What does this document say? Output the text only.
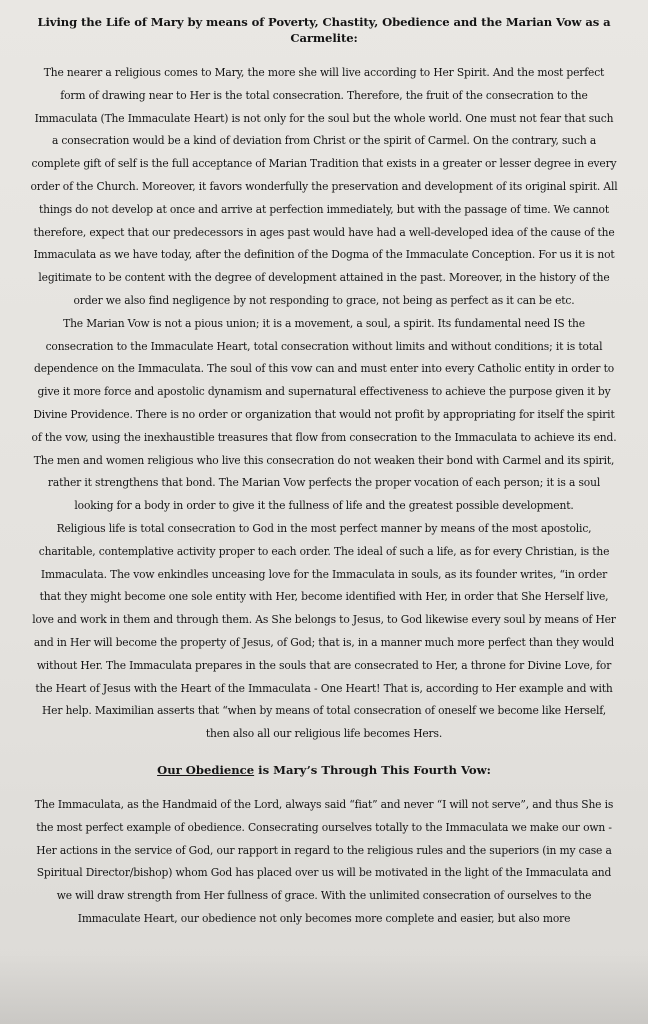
Living the Life of Mary by means of Poverty, Chastity, Obedience and the Marian Vow as a Carmelite:

The nearer a religious comes to Mary, the more she will live according to Her Spirit. And the most perfect form of drawing near to Her is the total consecration. Therefore, the fruit of the consecration to the Immaculata (The Immaculate Heart) is not only for the soul but the whole world. One must not fear that such a consecration would be a kind of deviation from Christ or the spirit of Carmel. On the contrary, such a complete gift of self is the full acceptance of Marian Tradition that exists in a greater or lesser degree in every order of the Church. Moreover, it favors wonderfully the preservation and development of its original spirit. All things do not develop at once and arrive at perfection immediately, but with the passage of time. We cannot therefore, expect that our predecessors in ages past would have had a well-developed idea of the cause of the Immaculata as we have today, after the definition of the Dogma of the Immaculate Conception. For us it is not legitimate to be content with the degree of development attained in the past. Moreover, in the history of the order we also find negligence by not responding to grace, not being as perfect as it can be etc.

The Marian Vow is not a pious union; it is a movement, a soul, a spirit. Its fundamental need IS the consecration to the Immaculate Heart, total consecration without limits and without conditions; it is total dependence on the Immaculata. The soul of this vow can and must enter into every Catholic entity in order to give it more force and apostolic dynamism and supernatural effectiveness to achieve the purpose given it by Divine Providence. There is no order or organization that would not profit by appropriating for itself the spirit of the vow, using the inexhaustible treasures that flow from consecration to the Immaculata to achieve its end. The men and women religious who live this consecration do not weaken their bond with Carmel and its spirit, rather it strengthens that bond. The Marian Vow perfects the proper vocation of each person; it is a soul looking for a body in order to give it the fullness of life and the greatest possible development.

Religious life is total consecration to God in the most perfect manner by means of the most apostolic, charitable, contemplative activity proper to each order. The ideal of such a life, as for every Christian, is the Immaculata. The vow enkindles unceasing love for the Immaculata in souls, as its founder writes, “in order that they might become one sole entity with Her, become identified with Her, in order that She Herself live, love and work in them and through them. As She belongs to Jesus, to God likewise every soul by means of Her and in Her will become the property of Jesus, of God; that is, in a manner much more perfect than they would without Her. The Immaculata prepares in the souls that are consecrated to Her, a throne for Divine Love, for the Heart of Jesus with the Heart of the Immaculata - One Heart! That is, according to Her example and with Her help. Maximilian asserts that “when by means of total consecration of oneself we become like Herself, then also all our religious life becomes Hers.

Our Obedience is Mary’s Through This Fourth Vow:

The Immaculata, as the Handmaid of the Lord, always said “fiat” and never “I will not serve”, and thus She is the most perfect example of obedience. Consecrating ourselves totally to the Immaculata we make our own - Her actions in the service of God, our rapport in regard to the religious rules and the superiors (in my case a Spiritual Director/bishop) whom God has placed over us will be motivated in the light of the Immaculata and we will draw strength from Her fullness of grace. With the unlimited consecration of ourselves to the Immaculate Heart, our obedience not only becomes more complete and easier, but also more
